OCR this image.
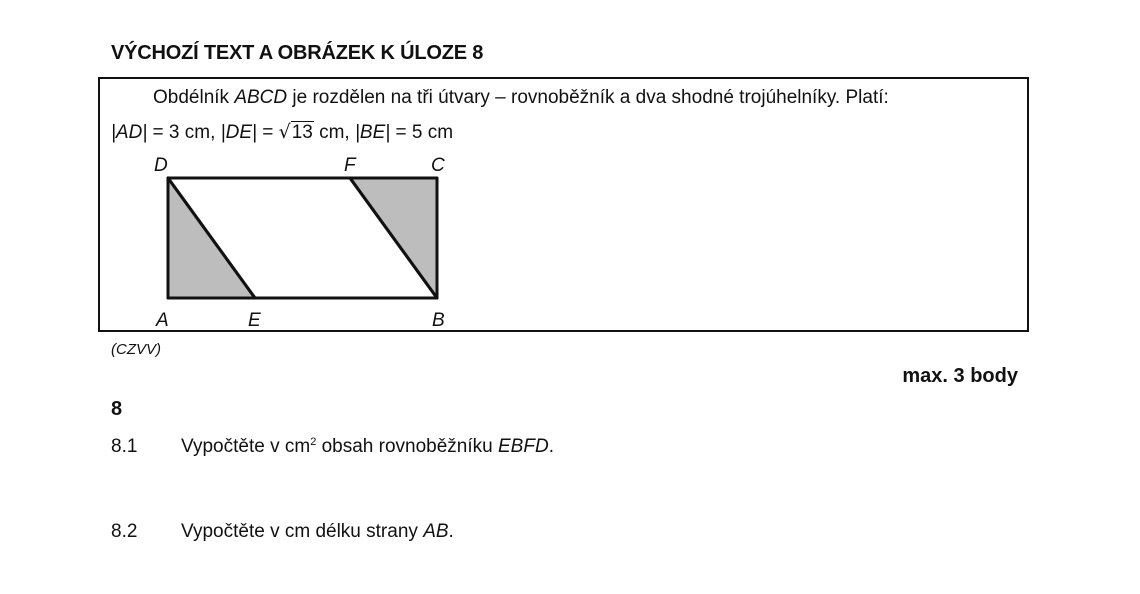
VÝCHOZÍ TEXT A OBRÁZEK K ÚLOZE 8
Obdélník ABCD je rozdělen na tři útvary – rovnoběžník a dva shodné trojúhelníky. Platí:
|AD| = 3 cm, |DE| = √13 cm, |BE| = 5 cm
D	F	C
A	E	B
(CZVV)
max. 3 body
8
8.1 Vypočtěte v $cm^2$ obsah rovnoběžníku EBFD.
8.2 Vypočtěte v cm délku strany AB.
